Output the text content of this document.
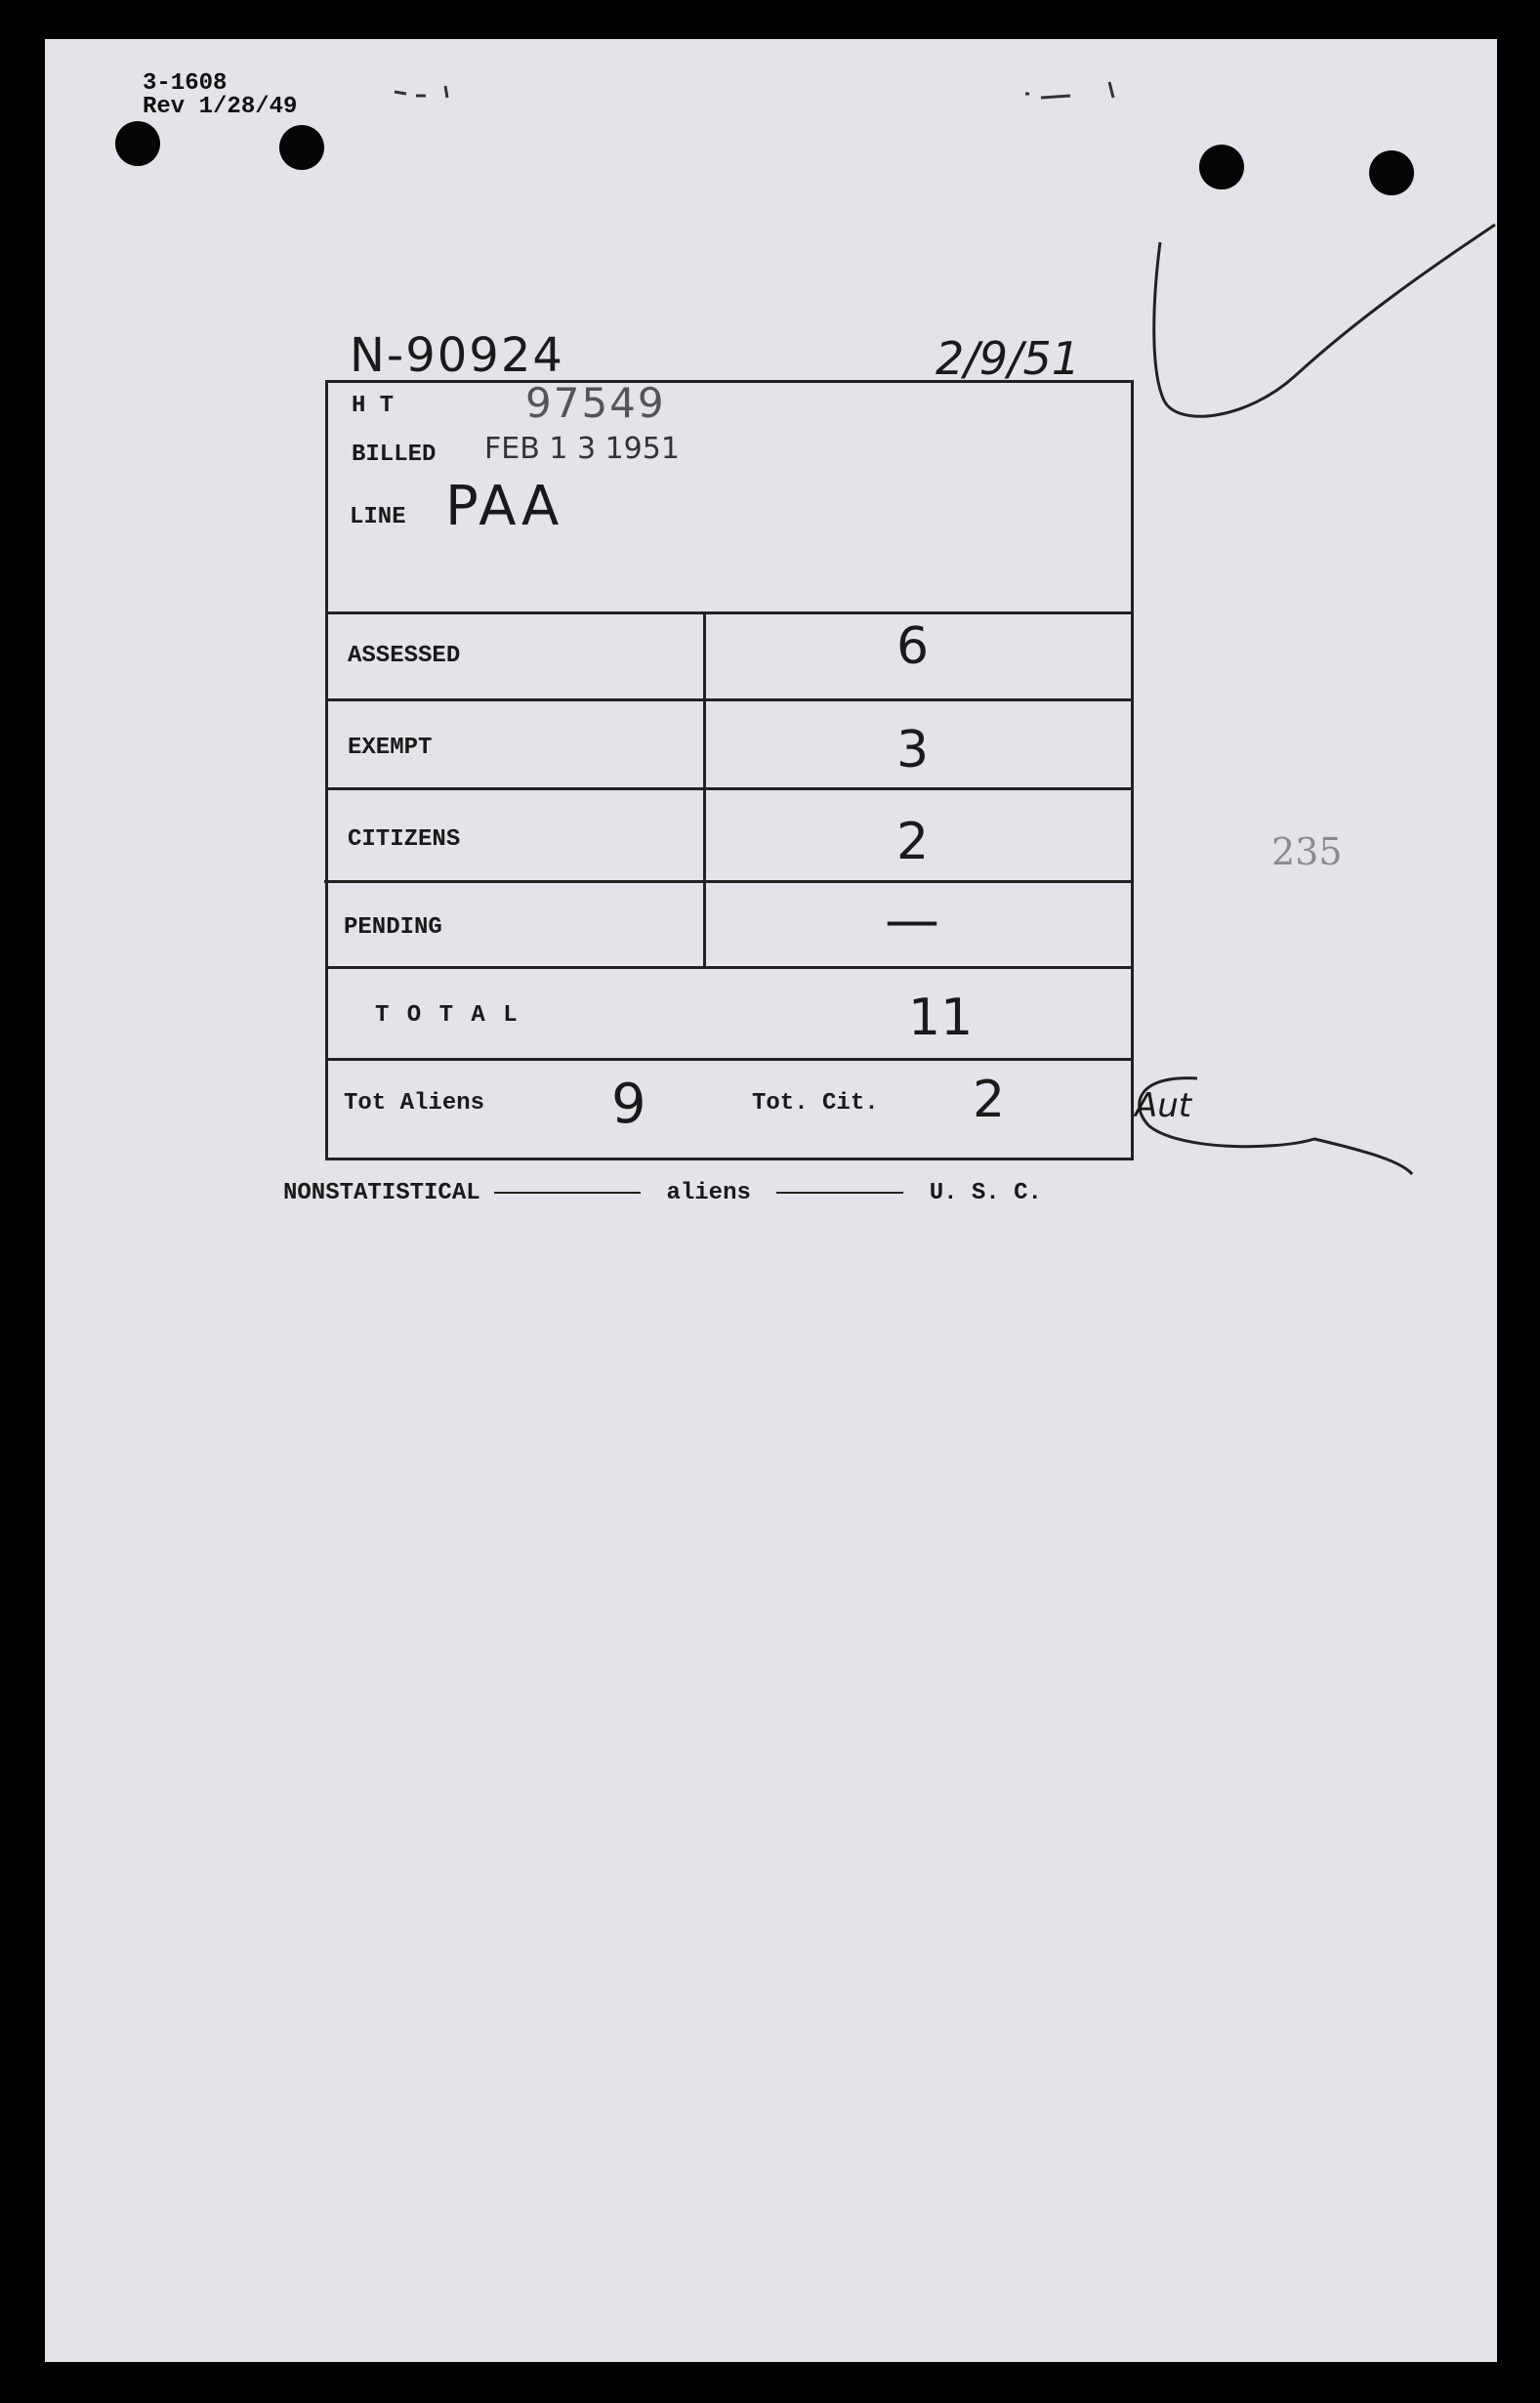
3-1608
Rev 1/28/49
N-90924	2/9/51
H T	97549
BILLED FEB 1 3 1951
LINE PAA
ASSESSED	6
EXEMPT	3
CITIZENS	2
PENDING	—
T O T A L	11
Tot Aliens 9	Tot. Cit. 2
235
Aut
NONSTATISTICAL	aliens	U. S. C.
